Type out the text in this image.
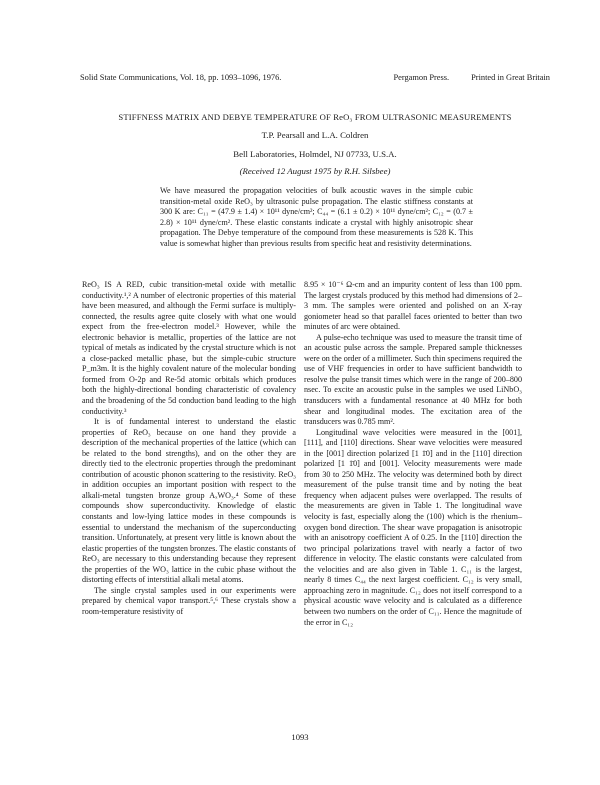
Solid State Communications, Vol. 18, pp. 1093–1096, 1976.	Pergamon Press.	Printed in Great Britain
STIFFNESS MATRIX AND DEBYE TEMPERATURE OF ReO₃ FROM ULTRASONIC MEASUREMENTS
T.P. Pearsall and L.A. Coldren
Bell Laboratories, Holmdel, NJ 07733, U.S.A.
(Received 12 August 1975 by R.H. Silsbee)
We have measured the propagation velocities of bulk acoustic waves in the simple cubic transition-metal oxide ReO₃ by ultrasonic pulse propagation. The elastic stiffness constants at 300 K are: C₁₁ = (47.9 ± 1.4) × 10¹¹ dyne/cm²; C₄₄ = (6.1 ± 0.2) × 10¹¹ dyne/cm²; C₁₂ = (0.7 ± 2.8) × 10¹¹ dyne/cm². These elastic constants indicate a crystal with highly anisotropic shear propagation. The Debye temperature of the compound from these measurements is 528 K. This value is somewhat higher than previous results from specific heat and resistivity determinations.

ReO₃ IS A RED, cubic transition-metal oxide with metallic conductivity.¹,² A number of electronic properties of this material have been measured, and although the Fermi surface is multiply-connected, the results agree quite closely with what one would expect from the free-electron model.³ However, while the electronic behavior is metallic, properties of the lattice are not typical of metals as indicated by the crystal structure which is not a close-packed metallic phase, but the simple-cubic structure P_m3m. It is the highly covalent nature of the molecular bonding formed from O-2p and Re-5d atomic orbitals which produces both the highly-directional bonding characteristic of covalency and the broadening of the 5d conduction band leading to the high conductivity.³

It is of fundamental interest to understand the elastic properties of ReO₃ because on one hand they provide a description of the mechanical properties of the lattice (which can be related to the bond strengths), and on the other they are directly tied to the electronic properties through the predominant contribution of acoustic phonon scattering to the resistivity. ReO₃ in addition occupies an important position with respect to the alkali-metal tungsten bronze group AₓWO₃.⁴ Some of these compounds show superconductivity. Knowledge of elastic constants and low-lying lattice modes in these compounds is essential to understand the mechanism of the superconducting transition. Unfortunately, at present very little is known about the elastic properties of the tungsten bronzes. The elastic constants of ReO₃ are necessary to this understanding because they represent the properties of the WO₃ lattice in the cubic phase without the distorting effects of interstitial alkali metal atoms.

The single crystal samples used in our experiments were prepared by chemical vapor transport.⁵,⁶ These crystals show a room-temperature resistivity of

8.95 × 10⁻⁶ Ω-cm and an impurity content of less than 100 ppm. The largest crystals produced by this method had dimensions of 2–3 mm. The samples were oriented and polished on an X-ray goniometer head so that parallel faces oriented to better than two minutes of arc were obtained.

A pulse-echo technique was used to measure the transit time of an acoustic pulse across the sample. Prepared sample thicknesses were on the order of a millimeter. Such thin specimens required the use of VHF frequencies in order to have sufficient bandwidth to resolve the pulse transit times which were in the range of 200–800 nsec. To excite an acoustic pulse in the samples we used LiNbO₃ transducers with a fundamental resonance at 40 MHz for both shear and longitudinal modes. The excitation area of the transducers was 0.785 mm².

Longitudinal wave velocities were measured in the [001], [111], and [110] directions. Shear wave velocities were measured in the [001] direction polarized [1 1̄0] and in the [110] direction polarized [1 1̄0] and [001]. Velocity measurements were made from 30 to 250 MHz. The velocity was determined both by direct measurement of the pulse transit time and by noting the beat frequency when adjacent pulses were overlapped. The results of the measurements are given in Table 1. The longitudinal wave velocity is fast, especially along the (100) which is the rhenium–oxygen bond direction. The shear wave propagation is anisotropic with an anisotropy coefficient A of 0.25. In the [110] direction the two principal polarizations travel with nearly a factor of two difference in velocity. The elastic constants were calculated from the velocities and are also given in Table 1. C₁₁ is the largest, nearly 8 times C₄₄ the next largest coefficient. C₁₂ is very small, approaching zero in magnitude. C₁₂ does not itself correspond to a physical acoustic wave velocity and is calculated as a difference between two numbers on the order of C₁₁. Hence the magnitude of the error in C₁₂

1093
